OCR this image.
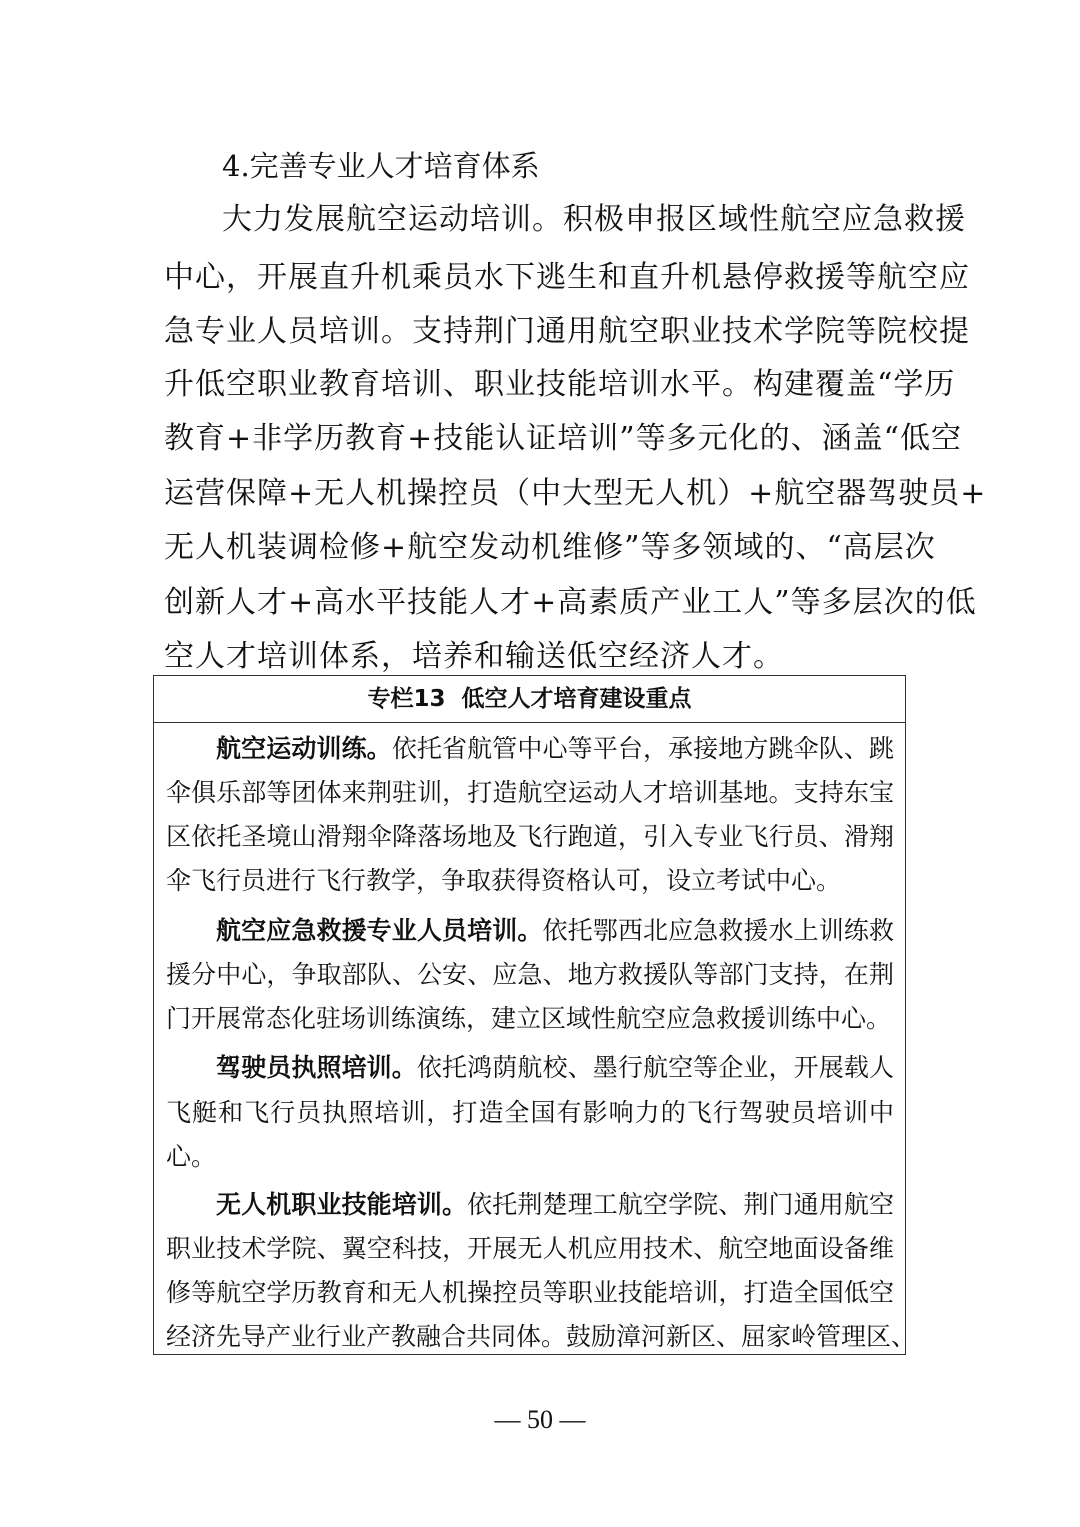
4.完善专业人才培育体系
大力发展航空运动培训。积极申报区域性航空应急救援
中心，开展直升机乘员水下逃生和直升机悬停救援等航空应
急专业人员培训。支持荆门通用航空职业技术学院等院校提
升低空职业教育培训、职业技能培训水平。构建覆盖“学历
教育+非学历教育+技能认证培训”等多元化的、涵盖“低空
运营保障+无人机操控员（中大型无人机）+航空器驾驶员+
无人机装调检修+航空发动机维修”等多领域的、“高层次
创新人才+高水平技能人才+高素质产业工人”等多层次的低
空人才培训体系，培养和输送低空经济人才。
专栏13  低空人才培育建设重点
航空运动训练。依托省航管中心等平台，承接地方跳伞队、跳
伞俱乐部等团体来荆驻训，打造航空运动人才培训基地。支持东宝
区依托圣境山滑翔伞降落场地及飞行跑道，引入专业飞行员、滑翔
伞飞行员进行飞行教学，争取获得资格认可，设立考试中心。
航空应急救援专业人员培训。依托鄂西北应急救援水上训练救
援分中心，争取部队、公安、应急、地方救援队等部门支持，在荆
门开展常态化驻场训练演练，建立区域性航空应急救援训练中心。
驾驶员执照培训。依托鸿荫航校、墨行航空等企业，开展载人
飞艇和飞行员执照培训，打造全国有影响力的飞行驾驶员培训中
心。
无人机职业技能培训。依托荆楚理工航空学院、荆门通用航空
职业技术学院、翼空科技，开展无人机应用技术、航空地面设备维
修等航空学历教育和无人机操控员等职业技能培训，打造全国低空
经济先导产业行业产教融合共同体。鼓励漳河新区、屈家岭管理区、
— 50 —
